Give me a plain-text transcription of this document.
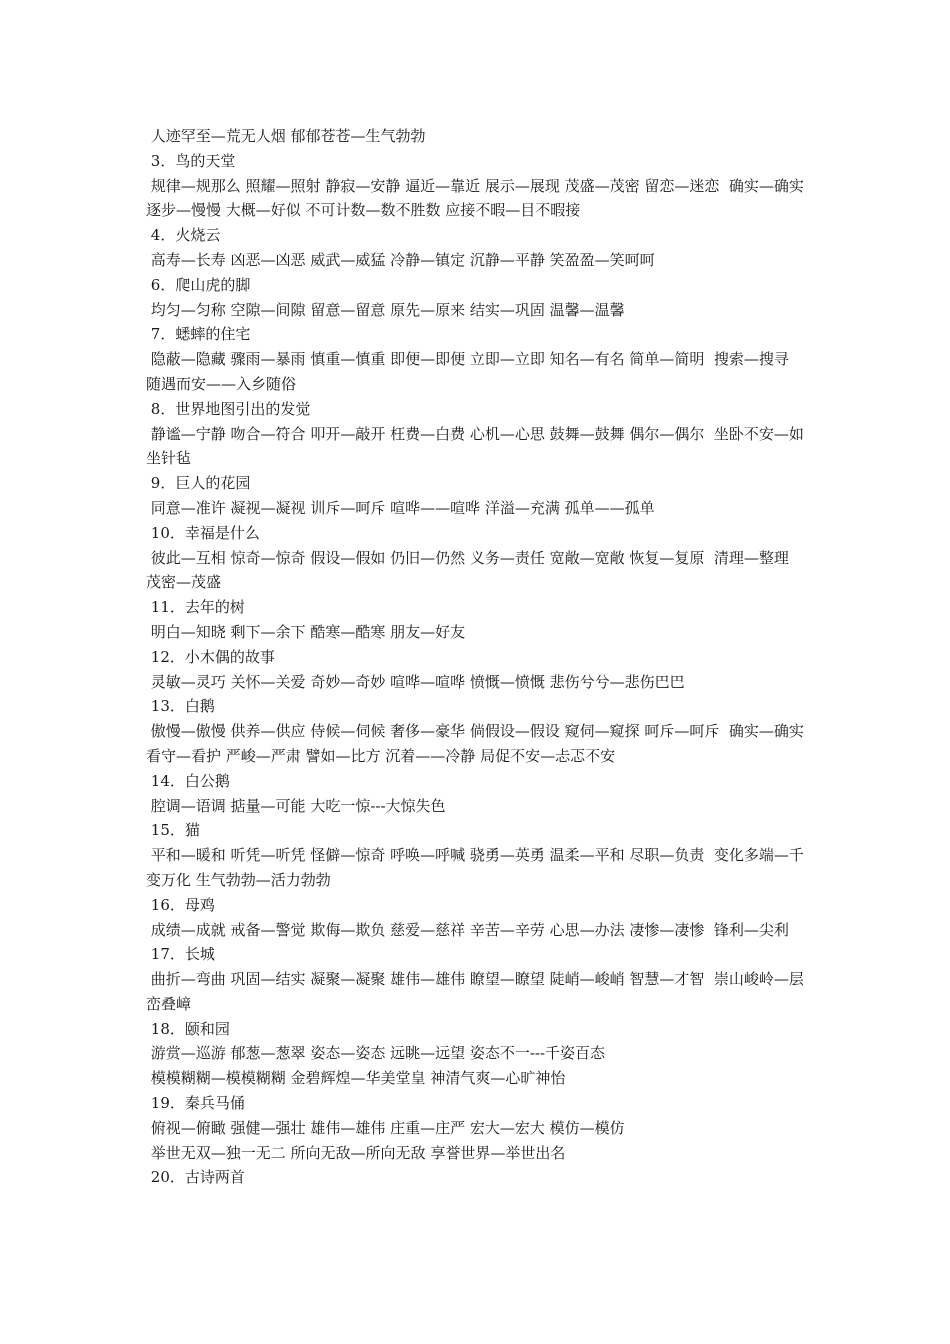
人迹罕至—荒无人烟 郁郁苍苍—生气勃勃

3．鸟的天堂

规律—规那么 照耀—照射 静寂—安静 逼近—靠近 展示—展现 茂盛—茂密 留恋—迷恋  确实—确实 逐步—慢慢 大概—好似 不可计数—数不胜数 应接不暇—目不暇接

4．火烧云

高寿—长寿 凶恶—凶恶 威武—威猛 冷静—镇定 沉静—平静 笑盈盈—笑呵呵

6．爬山虎的脚

均匀—匀称 空隙—间隙 留意—留意 原先—原来 结实—巩固 温馨—温馨

7．蟋蟀的住宅

隐蔽—隐藏 骤雨—暴雨 慎重—慎重 即便—即便 立即—立即 知名—有名 简单—简明  搜索—搜寻 随遇而安——入乡随俗

8．世界地图引出的发觉

静谧—宁静 吻合—符合 叩开—敲开 枉费—白费 心机—心思 鼓舞—鼓舞 偶尔—偶尔  坐卧不安—如坐针毡

9．巨人的花园

同意—准许 凝视—凝视 训斥—呵斥 喧哗——喧哗 洋溢—充满 孤单——孤单

10．幸福是什么

彼此—互相 惊奇—惊奇 假设—假如 仍旧—仍然 义务—责任 宽敞—宽敞 恢复—复原  清理—整理 茂密—茂盛

11．去年的树

明白—知晓 剩下—余下 酷寒—酷寒 朋友—好友

12．小木偶的故事

灵敏—灵巧 关怀—关爱 奇妙—奇妙 喧哗—喧哗 愤慨—愤慨 悲伤兮兮—悲伤巴巴

13．白鹅

傲慢—傲慢 供养—供应 侍候—伺候 奢侈—豪华 倘假设—假设 窥伺—窥探 呵斥—呵斥  确实—确实 看守—看护 严峻—严肃 譬如—比方 沉着——冷静 局促不安—忐忑不安

14．白公鹅

腔调—语调 掂量—可能 大吃一惊---大惊失色

15．猫

平和—暖和 听凭—听凭 怪僻—惊奇 呼唤—呼喊 骁勇—英勇 温柔—平和 尽职—负责  变化多端—千变万化 生气勃勃—活力勃勃

16．母鸡

成绩—成就 戒备—警觉 欺侮—欺负 慈爱—慈祥 辛苦—辛劳 心思—办法 凄惨—凄惨  锋利—尖利

17．长城

曲折—弯曲 巩固—结实 凝聚—凝聚 雄伟—雄伟 瞭望—瞭望 陡峭—峻峭 智慧—才智  崇山峻岭—层峦叠嶂

18．颐和园

游赏—巡游 郁葱—葱翠 姿态—姿态 远眺—远望 姿态不一---千姿百态

模模糊糊—模模糊糊 金碧辉煌—华美堂皇 神清气爽—心旷神怡

19．秦兵马俑

俯视—俯瞰 强健—强壮 雄伟—雄伟 庄重—庄严 宏大—宏大 模仿—模仿

举世无双—独一无二 所向无敌—所向无敌 享誉世界—举世出名

20．古诗两首
